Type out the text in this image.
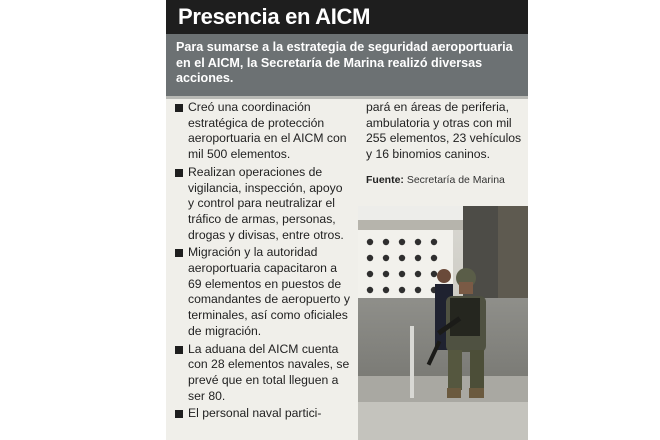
Presencia en AICM
Para sumarse a la estrategia de seguridad aeroportuaria en el AICM, la Secretaría de Marina realizó diversas acciones.
Creó una coordinación estratégica de protección aeroportuaria en el AICM con mil 500 elementos.
Realizan operaciones de vigilancia, inspección, apoyo y control para neutralizar el tráfico de armas, personas, drogas y divisas, entre otros.
Migración y la autoridad aeroportuaria capacitaron a 69 elementos en puestos de comandantes de aeropuerto y terminales, así como oficiales de migración.
La aduana del AICM cuenta con 28 elementos navales, se prevé que en total lleguen a ser 80.
El personal naval partici-
pará en áreas de periferia, ambulatoria y otras con mil 255 elementos, 23 vehículos y 16 binomios caninos.
Fuente: Secretaría de Marina
